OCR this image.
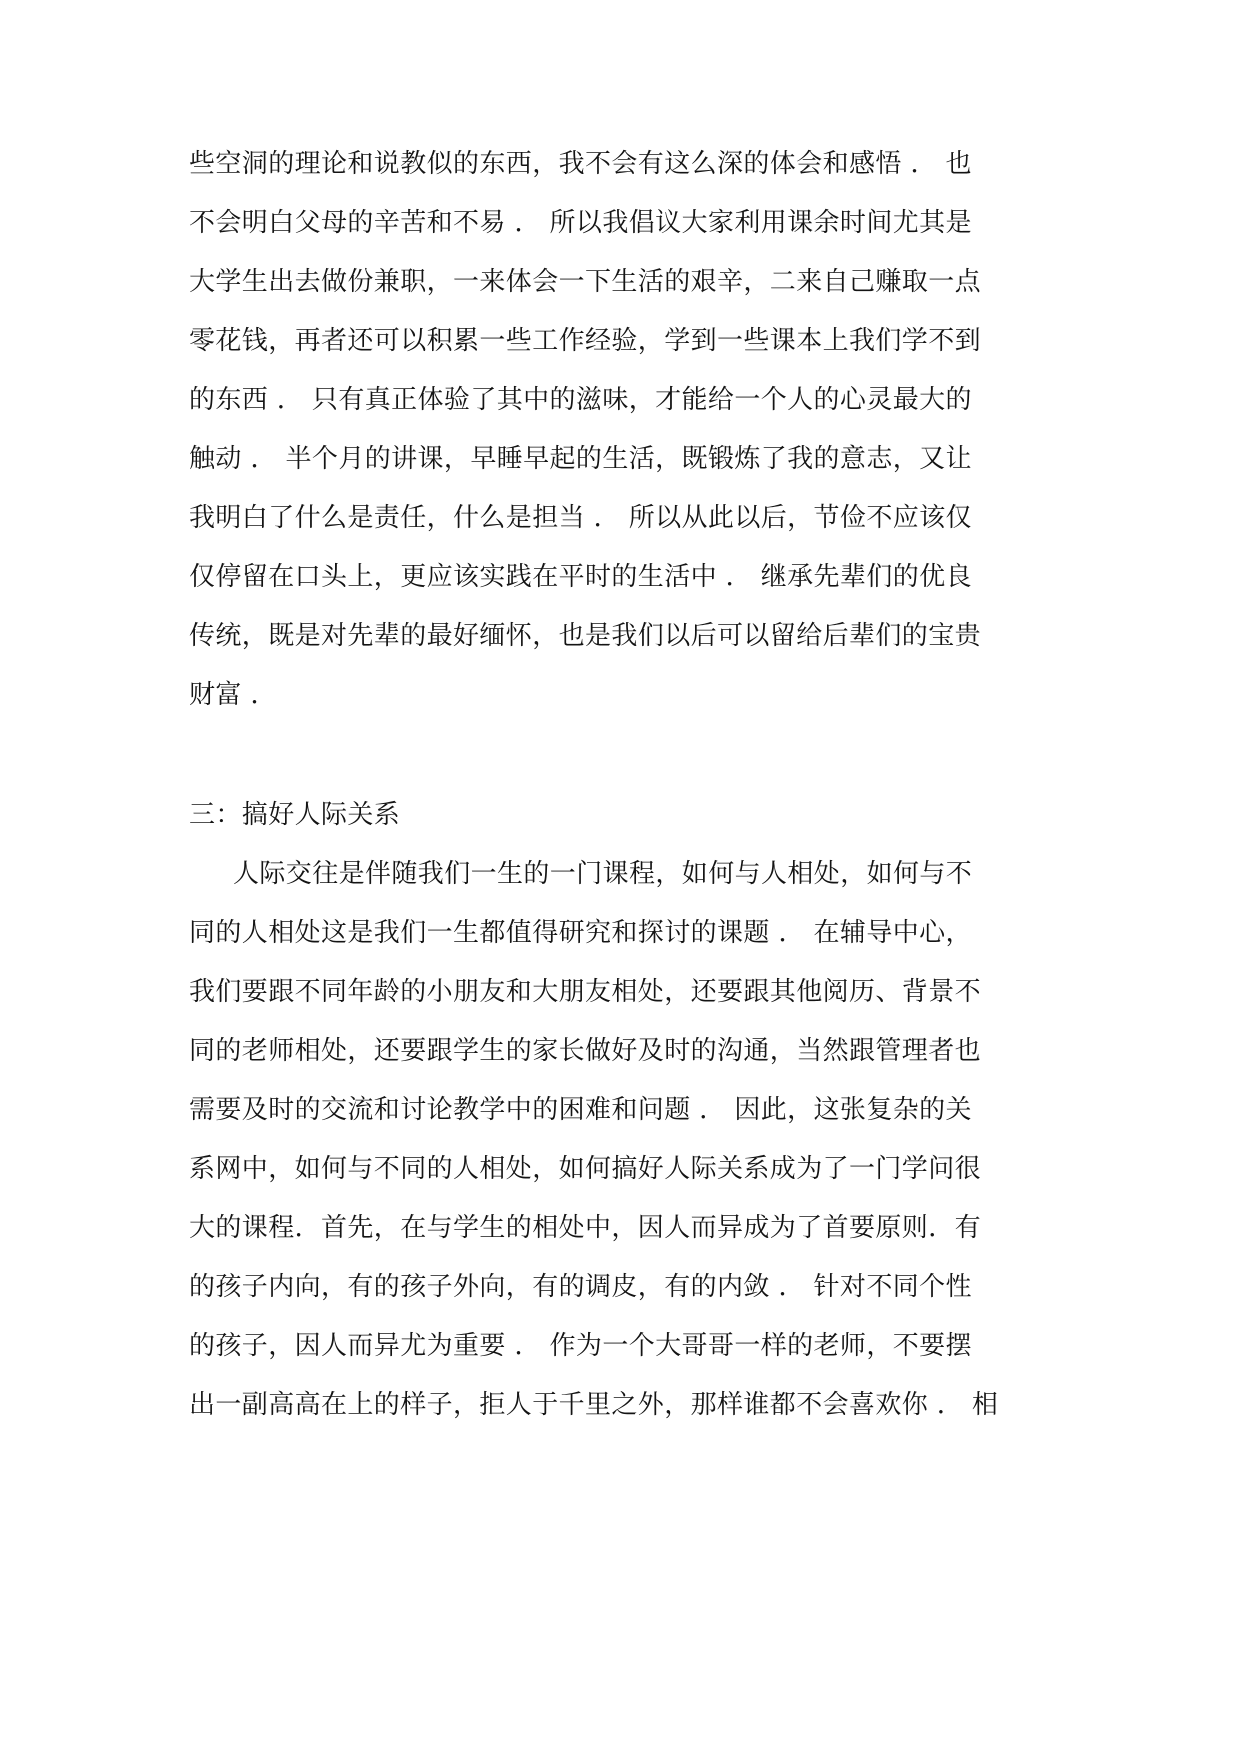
些空洞的理论和说教似的东西，我不会有这么深的体会和感悟 ． 也
不会明白父母的辛苦和不易 ． 所以我倡议大家利用课余时间尤其是
大学生出去做份兼职，一来体会一下生活的艰辛，二来自己赚取一点
零花钱，再者还可以积累一些工作经验，学到一些课本上我们学不到
的东西 ． 只有真正体验了其中的滋味，才能给一个人的心灵最大的
触动 ． 半个月的讲课，早睡早起的生活，既锻炼了我的意志，又让
我明白了什么是责任，什么是担当 ． 所以从此以后，节俭不应该仅
仅停留在口头上，更应该实践在平时的生活中 ． 继承先辈们的优良
传统，既是对先辈的最好缅怀，也是我们以后可以留给后辈们的宝贵
财富 ．
三：搞好人际关系
人际交往是伴随我们一生的一门课程，如何与人相处，如何与不
同的人相处这是我们一生都值得研究和探讨的课题 ． 在辅导中心，
我们要跟不同年龄的小朋友和大朋友相处，还要跟其他阅历、背景不
同的老师相处，还要跟学生的家长做好及时的沟通，当然跟管理者也
需要及时的交流和讨论教学中的困难和问题 ． 因此，这张复杂的关
系网中，如何与不同的人相处，如何搞好人际关系成为了一门学问很
大的课程．首先，在与学生的相处中，因人而异成为了首要原则．有
的孩子内向，有的孩子外向，有的调皮，有的内敛 ． 针对不同个性
的孩子，因人而异尤为重要 ． 作为一个大哥哥一样的老师，不要摆
出一副高高在上的样子，拒人于千里之外，那样谁都不会喜欢你 ． 相
